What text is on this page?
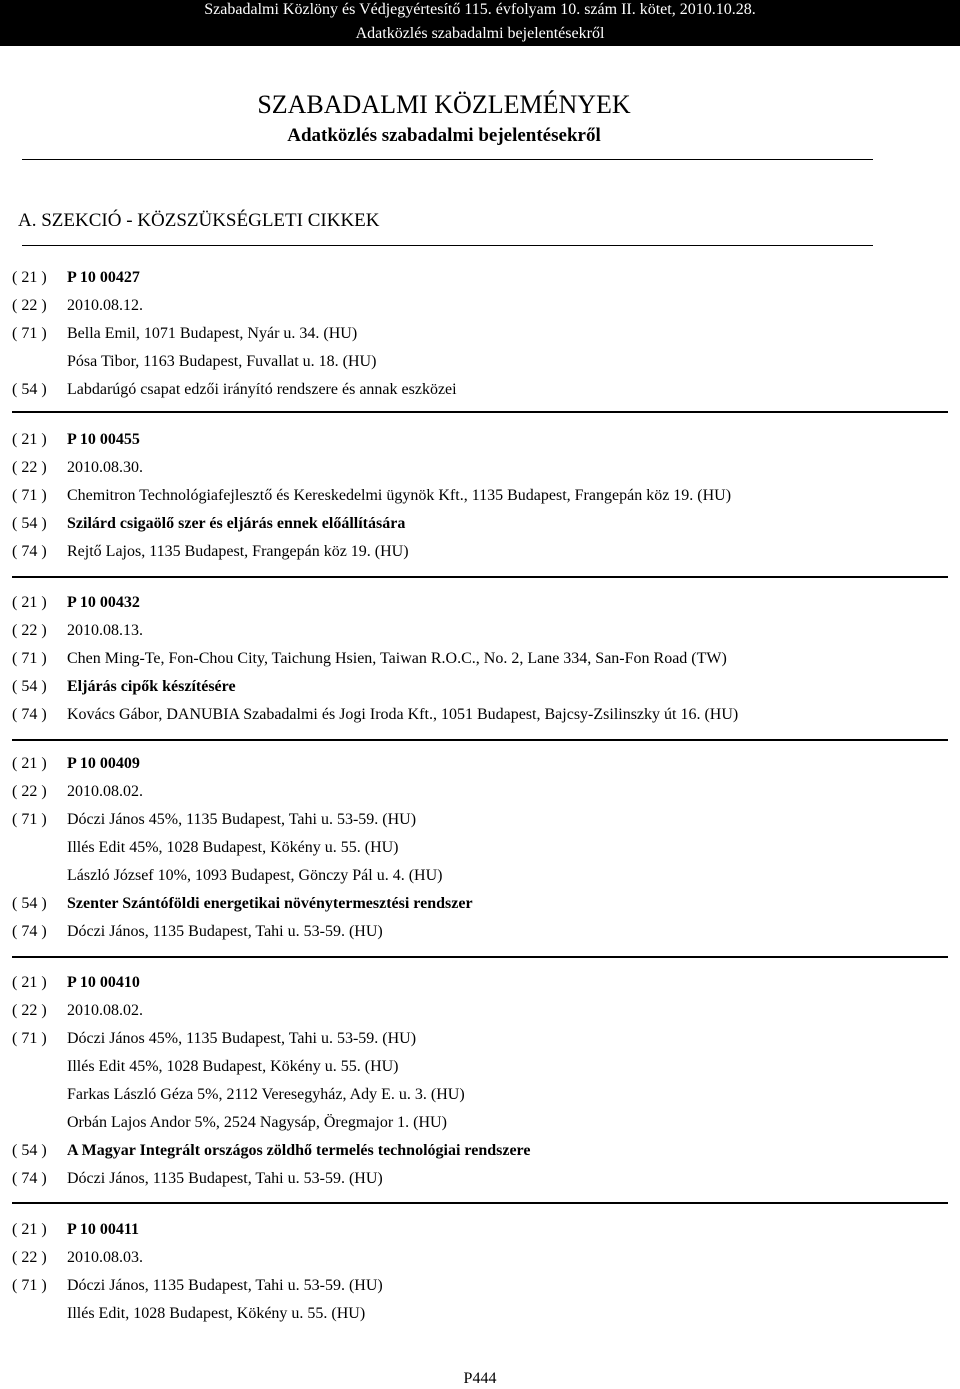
Szabadalmi Közlöny és Védjegyértesítő 115. évfolyam 10. szám II. kötet, 2010.10.28.
Adatközlés szabadalmi bejelentésekről
SZABADALMI KÖZLEMÉNYEK
Adatközlés szabadalmi bejelentésekről
A. SZEKCIÓ - KÖZSZÜKSÉGLETI CIKKEK
( 21 ) P 10 00427
( 22 ) 2010.08.12.
( 71 ) Bella Emil, 1071 Budapest, Nyár u. 34. (HU)
Pósa Tibor, 1163 Budapest, Fuvallat u. 18. (HU)
( 54 ) Labdarúgó csapat edzői irányító rendszere és annak eszközei
( 21 ) P 10 00455
( 22 ) 2010.08.30.
( 71 ) Chemitron Technológiafejlesztő és Kereskedelmi ügynök Kft., 1135 Budapest, Frangepán köz 19. (HU)
( 54 ) Szilárd csigaölő szer és eljárás ennek előállítására
( 74 ) Rejtő Lajos, 1135 Budapest, Frangepán köz 19. (HU)
( 21 ) P 10 00432
( 22 ) 2010.08.13.
( 71 ) Chen Ming-Te, Fon-Chou City, Taichung Hsien, Taiwan R.O.C., No. 2, Lane 334, San-Fon Road (TW)
( 54 ) Eljárás cipők készítésére
( 74 ) Kovács Gábor, DANUBIA Szabadalmi és Jogi Iroda Kft., 1051 Budapest, Bajcsy-Zsilinszky út 16. (HU)
( 21 ) P 10 00409
( 22 ) 2010.08.02.
( 71 ) Dóczi János 45%, 1135 Budapest, Tahi u. 53-59. (HU)
Illés Edit 45%, 1028 Budapest, Kökény u. 55. (HU)
László József 10%, 1093 Budapest, Gönczy Pál u. 4. (HU)
( 54 ) Szenter Szántóföldi energetikai növénytermesztési rendszer
( 74 ) Dóczi János, 1135 Budapest, Tahi u. 53-59. (HU)
( 21 ) P 10 00410
( 22 ) 2010.08.02.
( 71 ) Dóczi János 45%, 1135 Budapest, Tahi u. 53-59. (HU)
Illés Edit 45%, 1028 Budapest, Kökény u. 55. (HU)
Farkas László Géza 5%, 2112 Veresegyház, Ady E. u. 3. (HU)
Orbán Lajos Andor 5%, 2524 Nagysáp, Öregmajor 1. (HU)
( 54 ) A Magyar Integrált országos zöldhő termelés technológiai rendszere
( 74 ) Dóczi János, 1135 Budapest, Tahi u. 53-59. (HU)
( 21 ) P 10 00411
( 22 ) 2010.08.03.
( 71 ) Dóczi János, 1135 Budapest, Tahi u. 53-59. (HU)
Illés Edit, 1028 Budapest, Kökény u. 55. (HU)
P444
